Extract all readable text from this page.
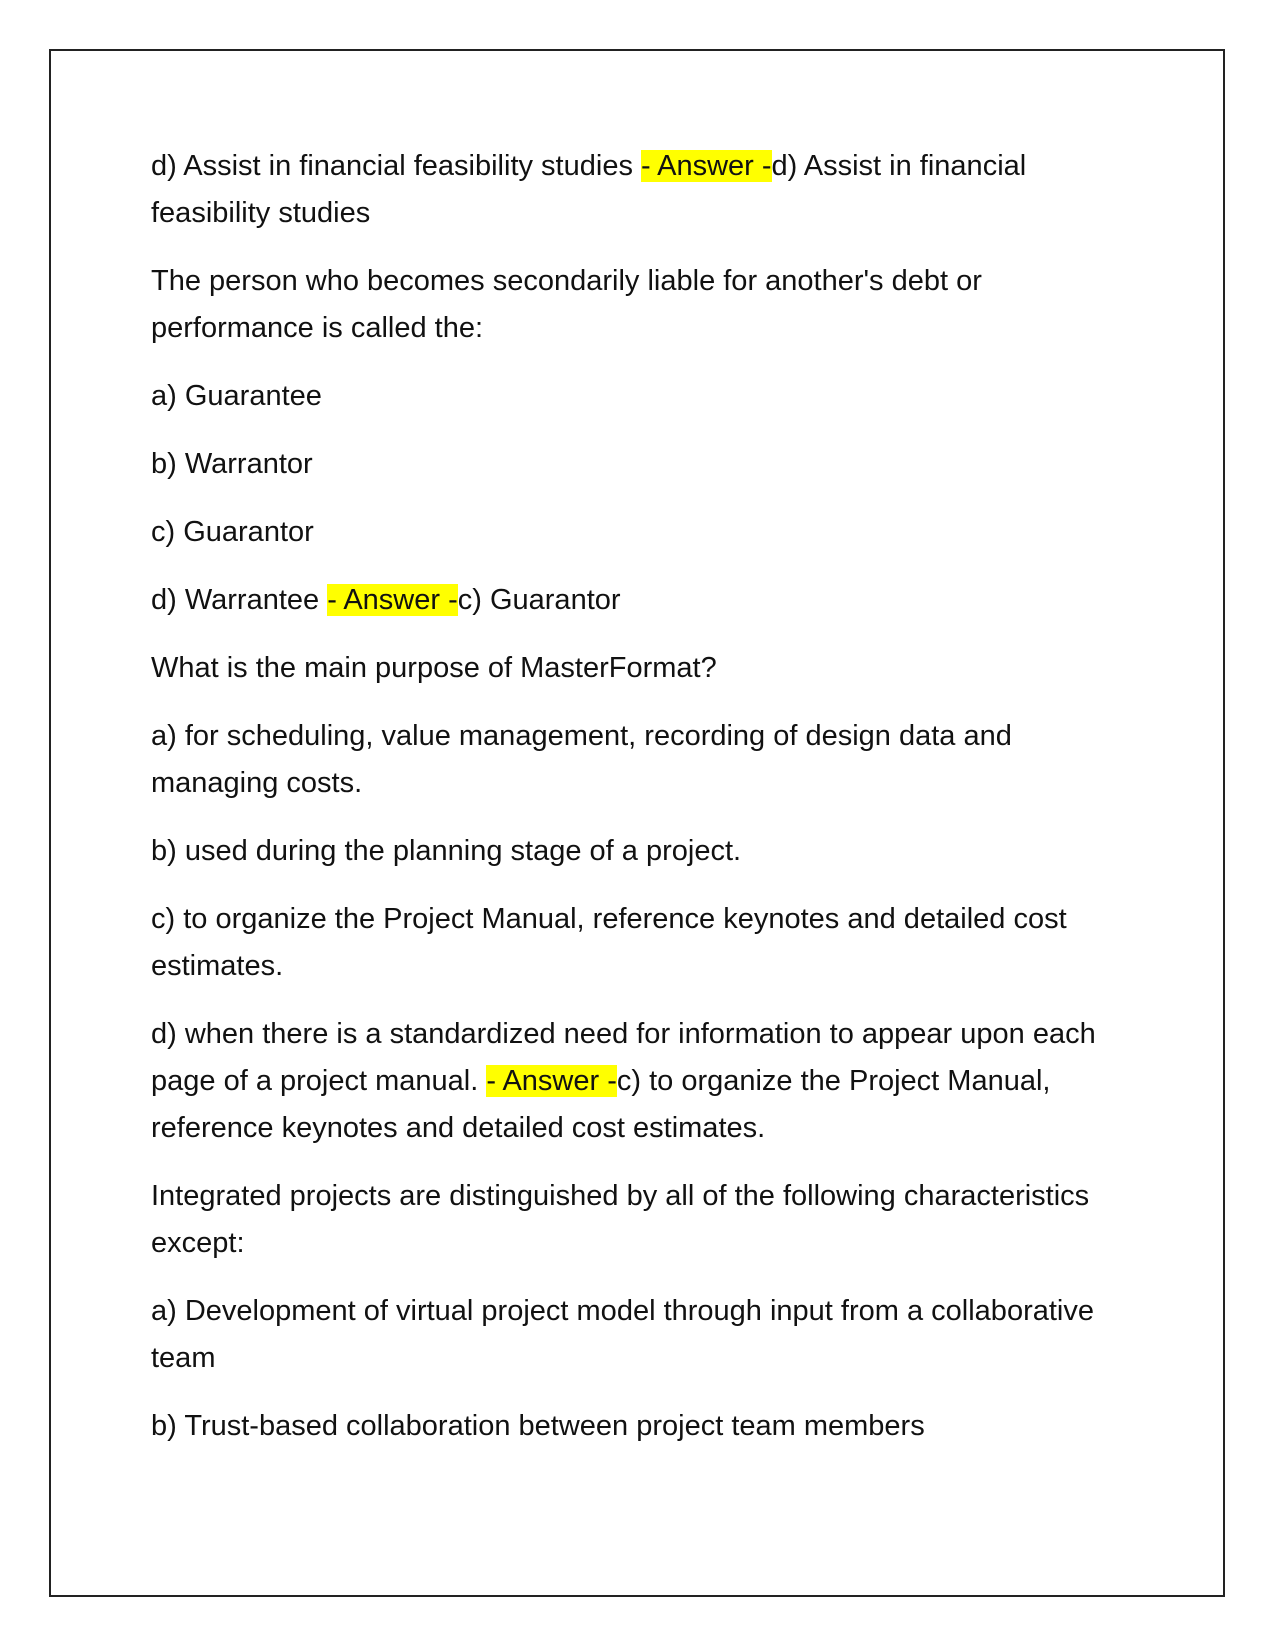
d) Assist in financial feasibility studies - Answer -d) Assist in financial feasibility studies

The person who becomes secondarily liable for another's debt or performance is called the:

a) Guarantee

b) Warrantor

c) Guarantor

d) Warrantee - Answer -c) Guarantor

What is the main purpose of MasterFormat?

a) for scheduling, value management, recording of design data and managing costs.

b) used during the planning stage of a project.

c) to organize the Project Manual, reference keynotes and detailed cost estimates.

d) when there is a standardized need for information to appear upon each page of a project manual. - Answer -c) to organize the Project Manual, reference keynotes and detailed cost estimates.

Integrated projects are distinguished by all of the following characteristics except:

a) Development of virtual project model through input from a collaborative team

b) Trust-based collaboration between project team members
